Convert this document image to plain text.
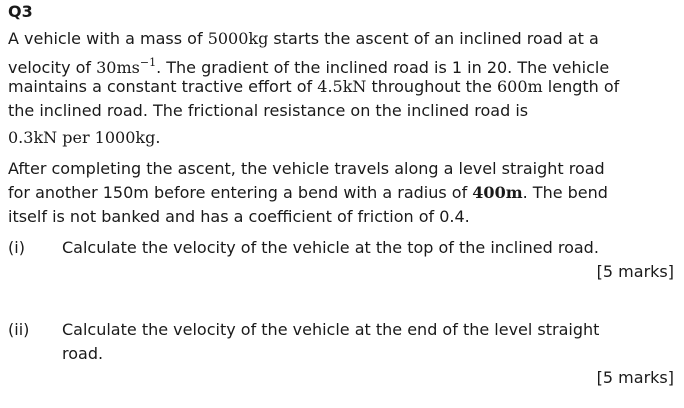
Q3
A vehicle with a mass of 5000kg starts the ascent of an inclined road at a
velocity of $30ms^{-1}$. The gradient of the inclined road is 1 in 20. The vehicle
maintains a constant tractive effort of 4.5kN throughout the 600m length of
the inclined road. The frictional resistance on the inclined road is
0.3kN per 1000kg.
After completing the ascent, the vehicle travels along a level straight road
for another 150m before entering a bend with a radius of 400m. The bend
itself is not banked and has a coefficient of friction of 0.4.
(i) Calculate the velocity of the vehicle at the top of the inclined road.
[5 marks]
(ii) Calculate the velocity of the vehicle at the end of the level straight
road.
[5 marks]
